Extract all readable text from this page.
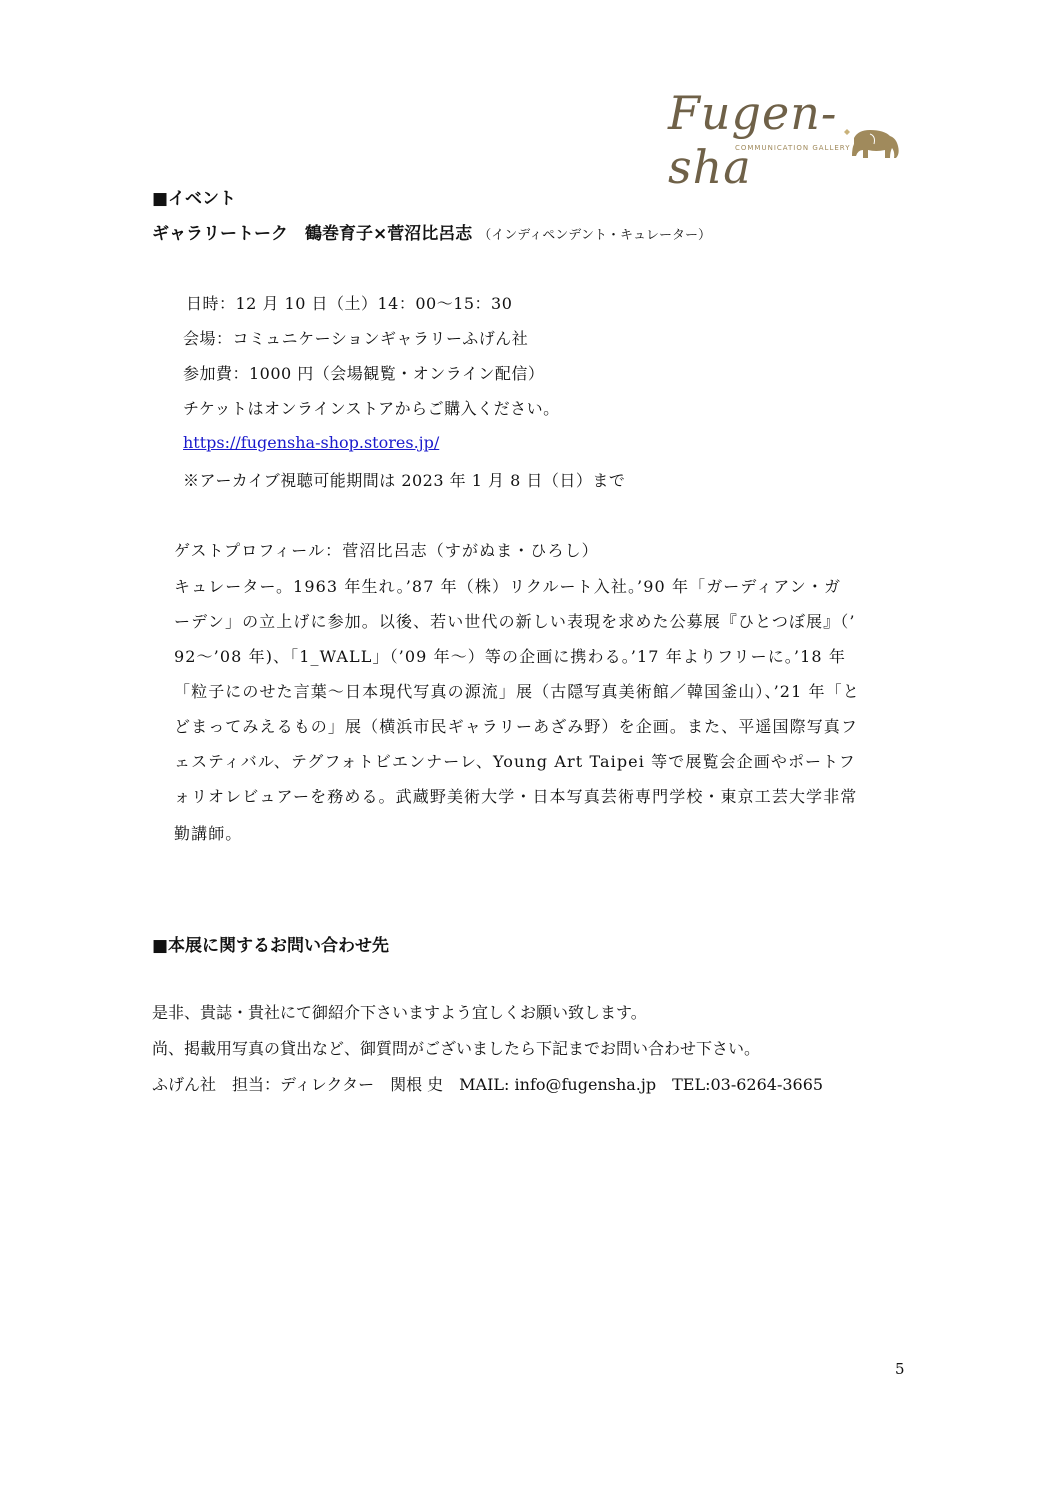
Fugen-sha
COMMUNICATION GALLERY
■イベント
ギャラリートーク　鶴巻育子×菅沼比呂志 （インディペンデント・キュレーター）
日時：12 月 10 日（土）14：00～15：30
会場：コミュニケーションギャラリーふげん社
参加費：1000 円（会場観覧・オンライン配信）
チケットはオンラインストアからご購入ください。
https://fugensha-shop.stores.jp/
※アーカイブ視聴可能期間は 2023 年 1 月 8 日（日）まで
ゲストプロフィール：菅沼比呂志（すがぬま・ひろし）
キュレーター。1963 年生れ。’87 年（株）リクルート入社。’90 年「ガーディアン・ガ
ーデン」の立上げに参加。以後、若い世代の新しい表現を求めた公募展『ひとつぼ展』（’
92～’08 年)、「1_WALL」（’09 年～）等の企画に携わる。’17 年よりフリーに。’18 年
「粒子にのせた言葉～日本現代写真の源流」展（古隠写真美術館／韓国釜山）、’21 年「と
どまってみえるもの」展（横浜市民ギャラリーあざみ野）を企画。また、平遥国際写真フ
ェスティバル、テグフォトビエンナーレ、Young Art Taipei 等で展覧会企画やポートフ
ォリオレビュアーを務める。武蔵野美術大学・日本写真芸術専門学校・東京工芸大学非常
勤講師。
■本展に関するお問い合わせ先
是非、貴誌・貴社にて御紹介下さいますよう宜しくお願い致します。
尚、掲載用写真の貸出など、御質問がございましたら下記までお問い合わせ下さい。
ふげん社　担当：ディレクター　関根 史　MAIL: info@fugensha.jp　TEL:03-6264-3665
5
